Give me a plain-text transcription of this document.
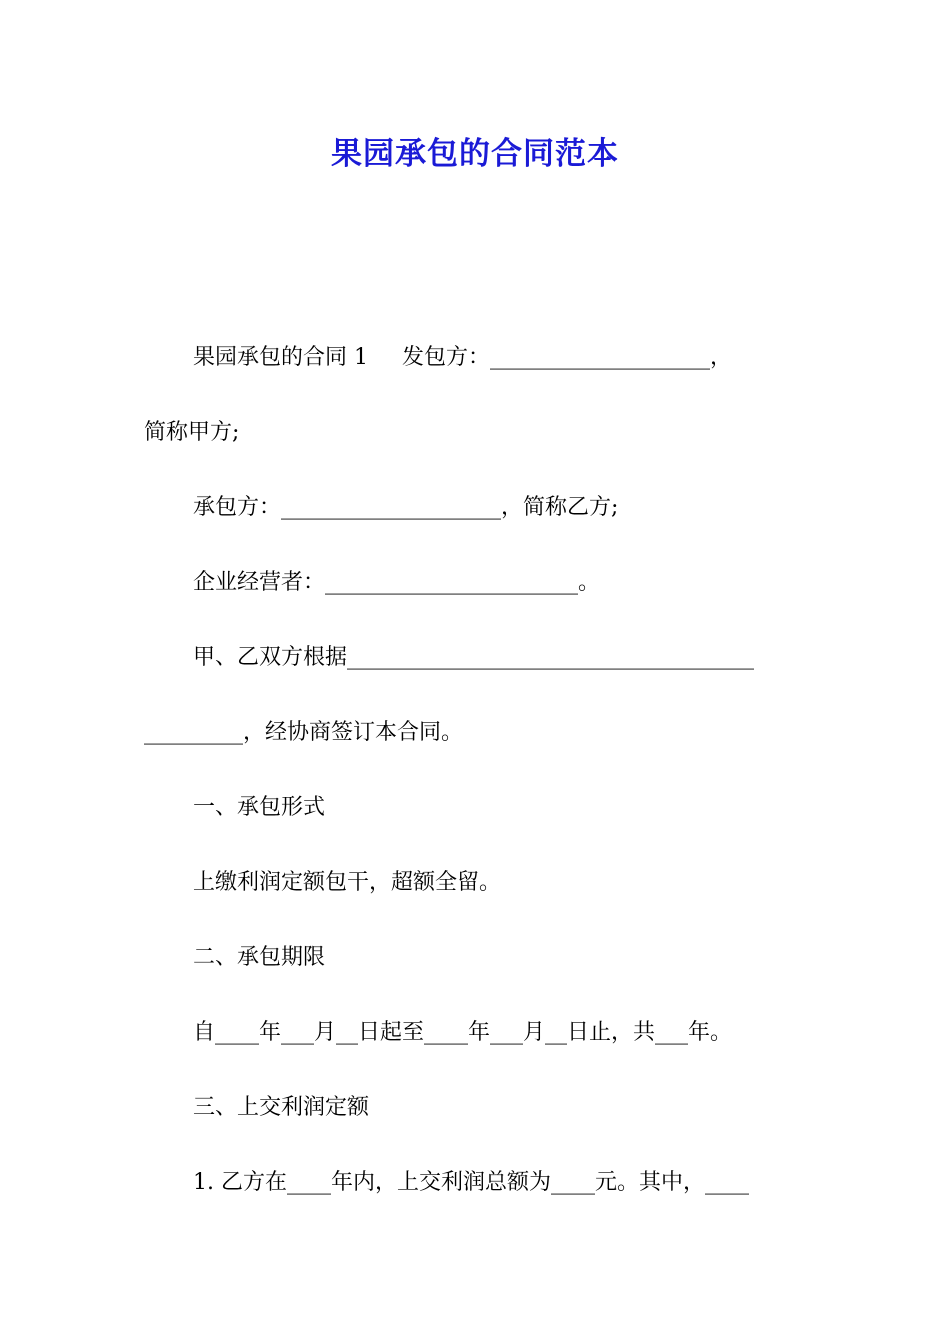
果园承包的合同范本
果园承包的合同 1 发包方：____________________，
简称甲方;
承包方：____________________，简称乙方;
企业经营者：_______________________。
甲、乙双方根据_____________________________________
_________，经协商签订本合同。
一、承包形式
上缴利润定额包干，超额全留。
二、承包期限
自____年___月__日起至____年___月__日止，共___年。
三、上交利润定额
1. 乙方在____年内，上交利润总额为____元。其中，____
